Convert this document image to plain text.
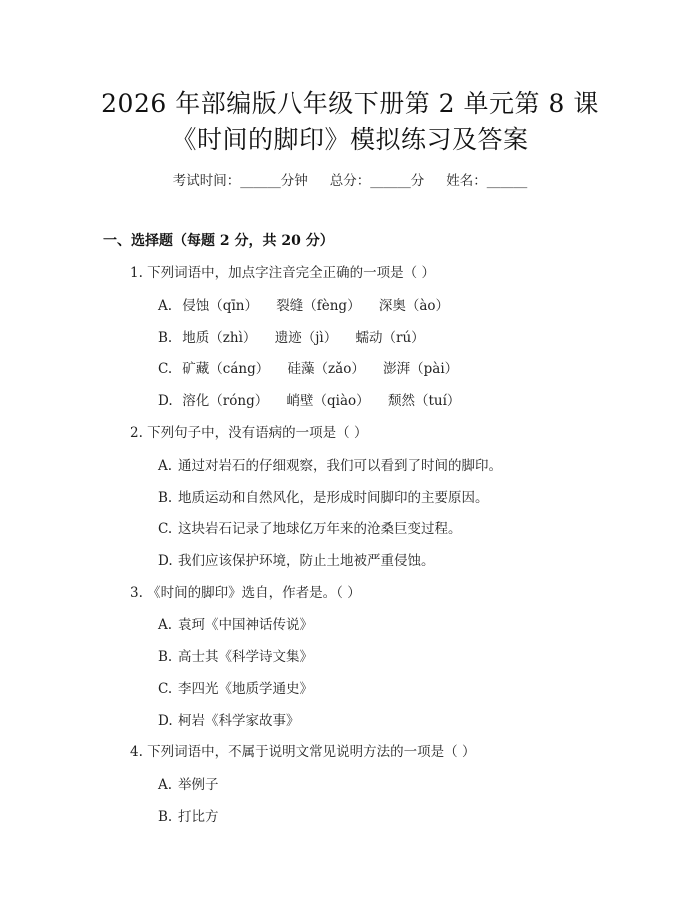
2026 年部编版八年级下册第 2 单元第 8 课
《时间的脚印》模拟练习及答案
考试时间：______分钟 总分：______分 姓名：______
一、选择题（每题 2 分，共 20 分）
1. 下列词语中，加点字注音完全正确的一项是（ ）
A. 侵蚀（qīn） 裂缝（fèng） 深奥（ào）
B. 地质（zhì） 遗迹（jì） 蠕动（rú）
C. 矿藏（cáng） 硅藻（zǎo） 澎湃（pài）
D. 溶化（róng） 峭壁（qiào） 颓然（tuí）
2. 下列句子中，没有语病的一项是（ ）
A. 通过对岩石的仔细观察，我们可以看到了时间的脚印。
B. 地质运动和自然风化，是形成时间脚印的主要原因。
C. 这块岩石记录了地球亿万年来的沧桑巨变过程。
D. 我们应该保护环境，防止土地被严重侵蚀。
3. 《时间的脚印》选自，作者是。（ ）
A. 袁珂《中国神话传说》
B. 高士其《科学诗文集》
C. 李四光《地质学通史》
D. 柯岩《科学家故事》
4. 下列词语中，不属于说明文常见说明方法的一项是（ ）
A. 举例子
B. 打比方
